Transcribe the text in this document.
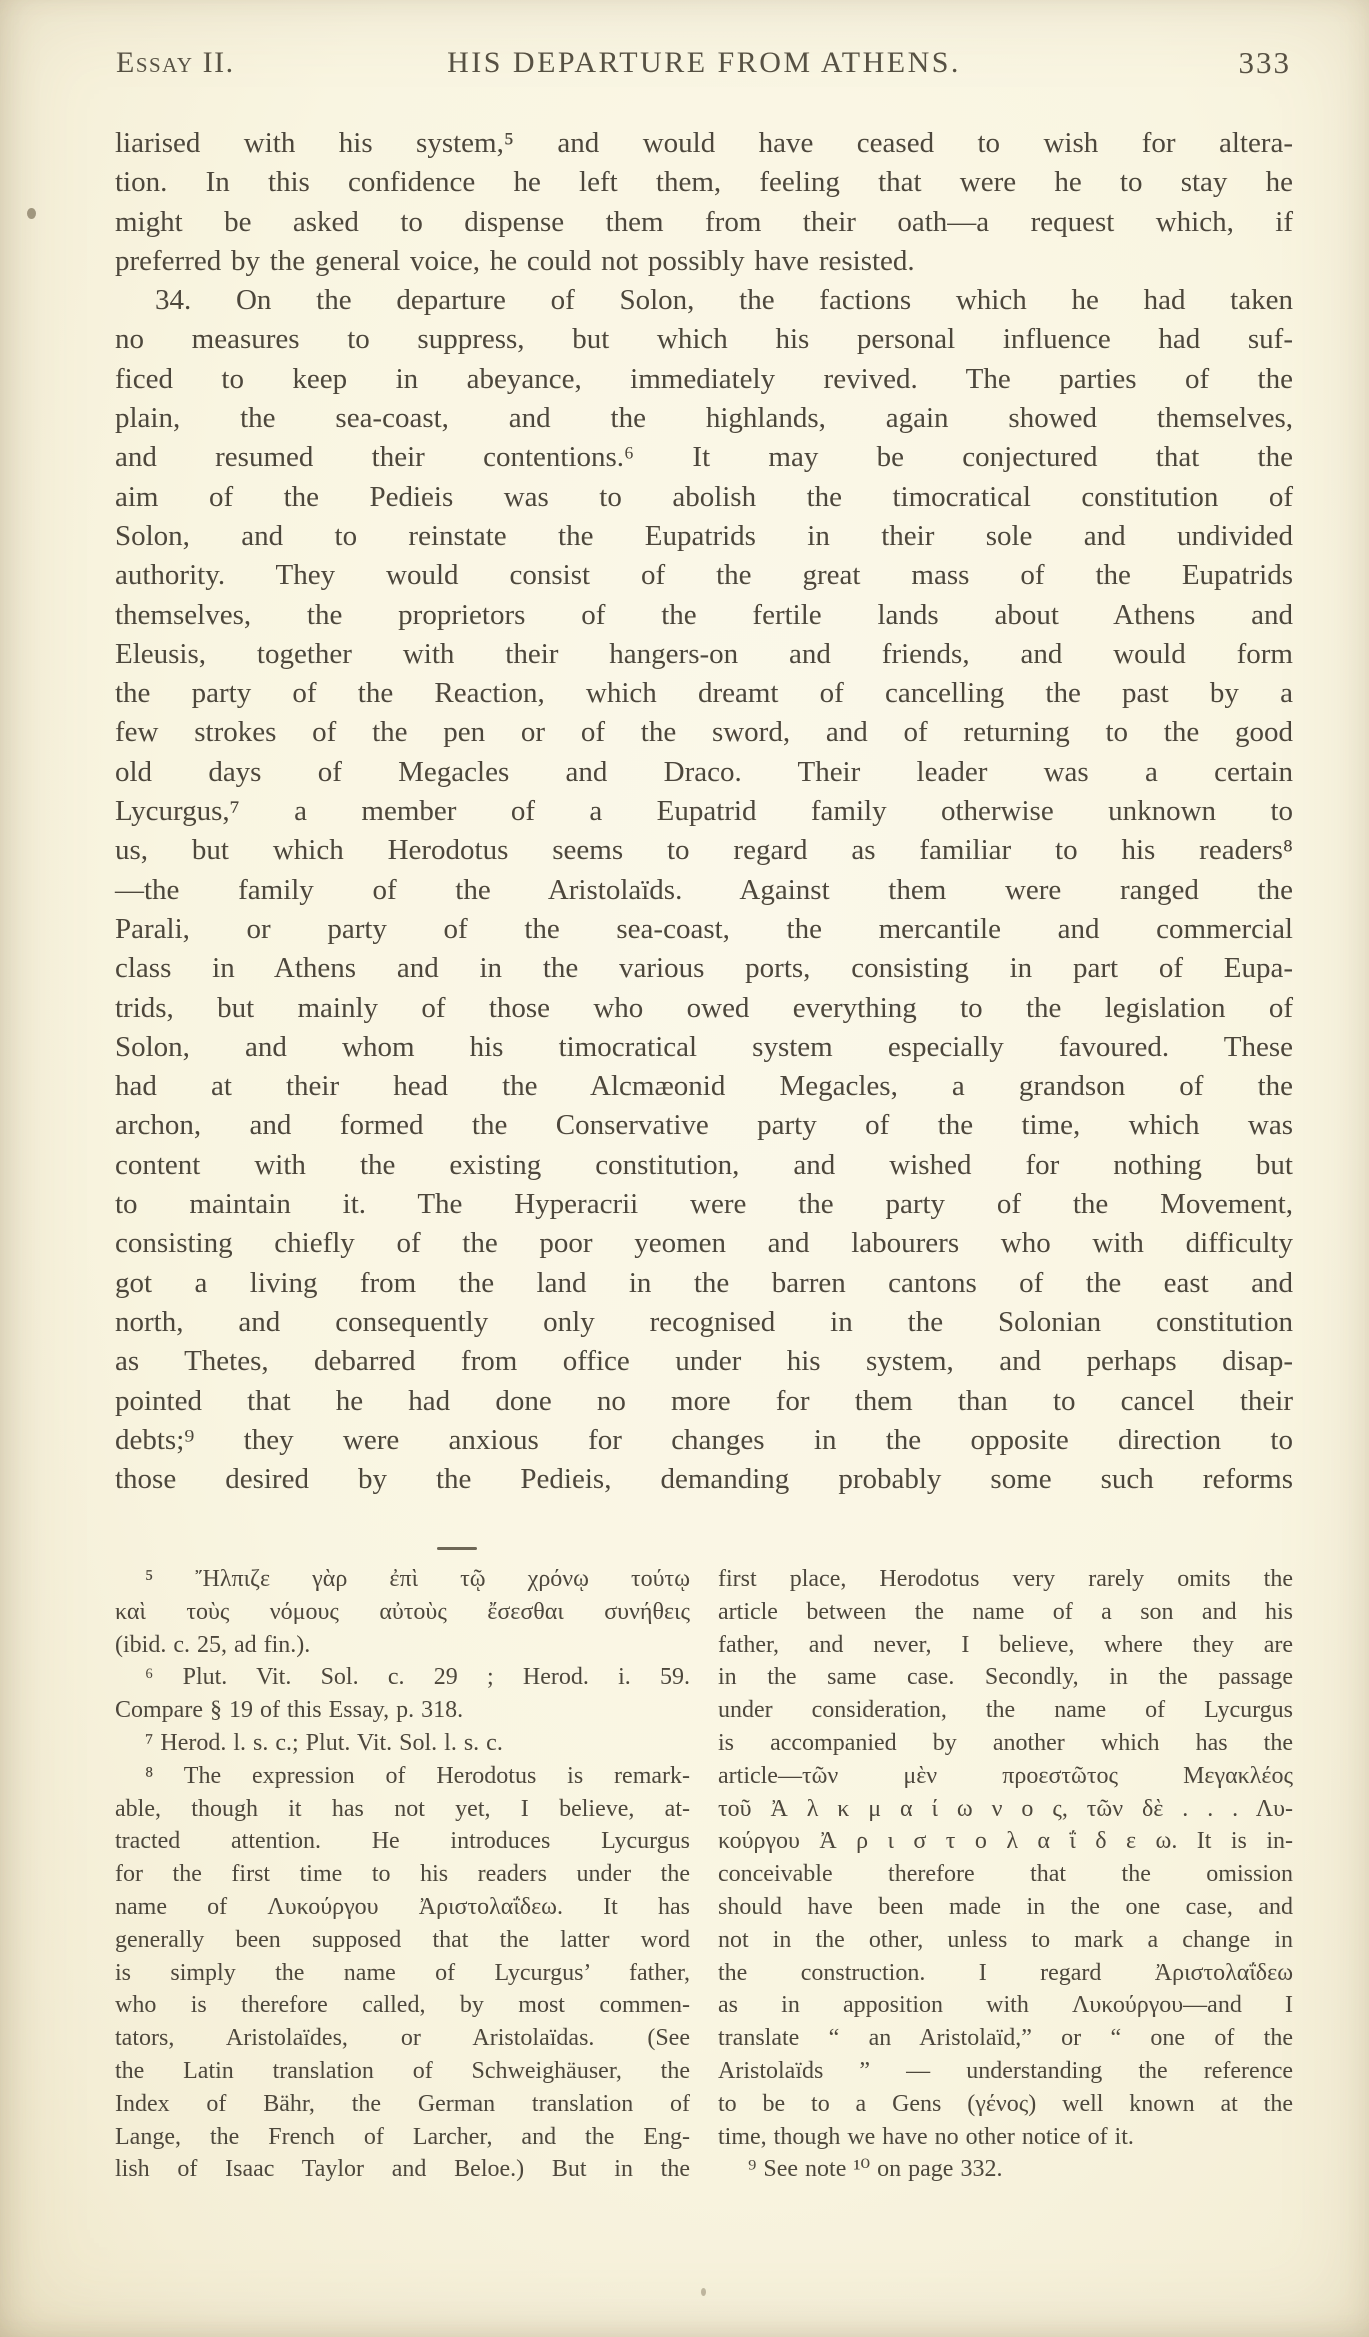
Essay II.	HIS DEPARTURE FROM ATHENS.	333
liarised with his system,⁵ and would have ceased to wish for altera-
tion. In this confidence he left them, feeling that were he to stay he
might be asked to dispense them from their oath—a request which, if
preferred by the general voice, he could not possibly have resisted.
34. On the departure of Solon, the factions which he had taken
no measures to suppress, but which his personal influence had suf-
ficed to keep in abeyance, immediately revived. The parties of the
plain, the sea-coast, and the highlands, again showed themselves,
and resumed their contentions.⁶ It may be conjectured that the
aim of the Pedieis was to abolish the timocratical constitution of
Solon, and to reinstate the Eupatrids in their sole and undivided
authority. They would consist of the great mass of the Eupatrids
themselves, the proprietors of the fertile lands about Athens and
Eleusis, together with their hangers-on and friends, and would form
the party of the Reaction, which dreamt of cancelling the past by a
few strokes of the pen or of the sword, and of returning to the good
old days of Megacles and Draco. Their leader was a certain
Lycurgus,⁷ a member of a Eupatrid family otherwise unknown to
us, but which Herodotus seems to regard as familiar to his readers⁸
—the family of the Aristolaïds. Against them were ranged the
Parali, or party of the sea-coast, the mercantile and commercial
class in Athens and in the various ports, consisting in part of Eupa-
trids, but mainly of those who owed everything to the legislation of
Solon, and whom his timocratical system especially favoured. These
had at their head the Alcmæonid Megacles, a grandson of the
archon, and formed the Conservative party of the time, which was
content with the existing constitution, and wished for nothing but
to maintain it. The Hyperacrii were the party of the Movement,
consisting chiefly of the poor yeomen and labourers who with difficulty
got a living from the land in the barren cantons of the east and
north, and consequently only recognised in the Solonian constitution
as Thetes, debarred from office under his system, and perhaps disap-
pointed that he had done no more for them than to cancel their
debts;⁹ they were anxious for changes in the opposite direction to
those desired by the Pedieis, demanding probably some such reforms
⁵ Ἤλπιζε γὰρ ἐπὶ τῷ χρόνῳ τούτῳ
καὶ τοὺς νόμους αὐτοὺς ἔσεσθαι συνήθεις
(ibid. c. 25, ad fin.).
⁶ Plut. Vit. Sol. c. 29 ; Herod. i. 59.
Compare § 19 of this Essay, p. 318.
⁷ Herod. l. s. c.; Plut. Vit. Sol. l. s. c.
⁸ The expression of Herodotus is remark-
able, though it has not yet, I believe, at-
tracted attention. He introduces Lycurgus
for the first time to his readers under the
name of Λυκούργου Ἀριστολαΐδεω. It has
generally been supposed that the latter word
is simply the name of Lycurgus’ father,
who is therefore called, by most commen-
tators, Aristolaïdes, or Aristolaïdas. (See
the Latin translation of Schweighäuser, the
Index of Bähr, the German translation of
Lange, the French of Larcher, and the Eng-
lish of Isaac Taylor and Beloe.) But in the
first place, Herodotus very rarely omits the
article between the name of a son and his
father, and never, I believe, where they are
in the same case. Secondly, in the passage
under consideration, the name of Lycurgus
is accompanied by another which has the
article—τῶν μὲν προεστῶτος Μεγακλέος
τοῦ Ἀ λ κ μ α ί ω ν ο ς, τῶν δὲ . . . Λυ-
κούργου Ἀ ρ ι σ τ ο λ α ΐ δ ε ω. It is in-
conceivable therefore that the omission
should have been made in the one case, and
not in the other, unless to mark a change in
the construction. I regard Ἀριστολαΐδεω
as in apposition with Λυκούργου—and I
translate “ an Aristolaïd,” or “ one of the
Aristolaïds ” — understanding the reference
to be to a Gens (γένος) well known at the
time, though we have no other notice of it.
⁹ See note ¹⁰ on page 332.
